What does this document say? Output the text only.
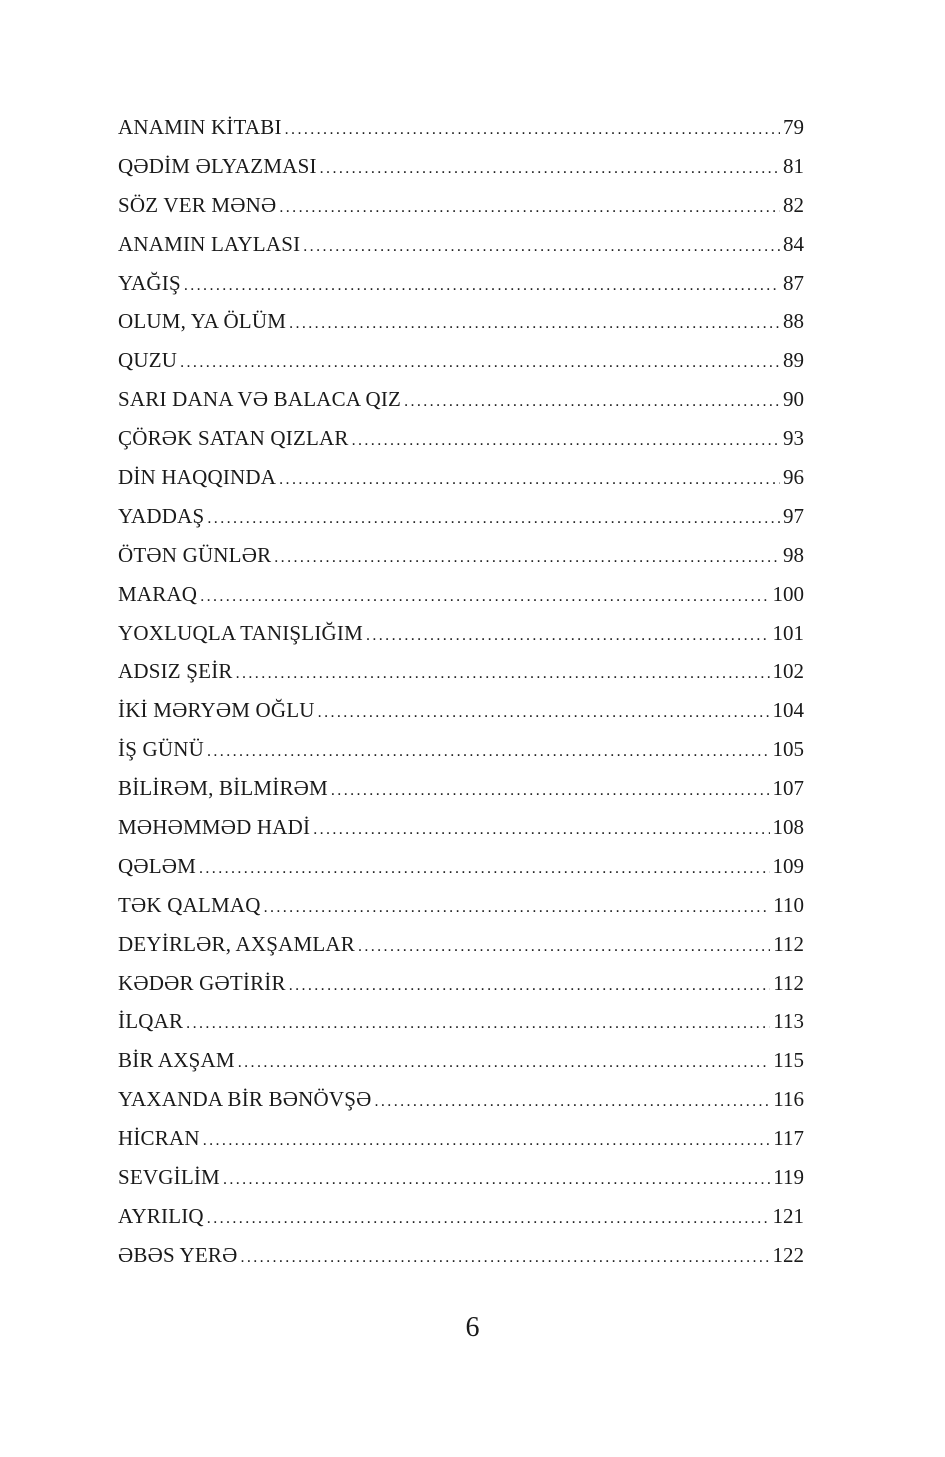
ANAMIN KİTABI .....	79
QƏDİM ƏLYAZMASI .....	81
SÖZ VER MƏNƏ .....	82
ANAMIN LAYLASI .....	84
YAĞIŞ .....	87
OLUM, YA ÖLÜM .....	88
QUZU .....	89
SARI DANA VƏ BALACA QIZ .....	90
ÇÖRƏK SATAN QIZLAR .....	93
DİN HAQQINDA .....	96
YADDAŞ .....	97
ÖTƏN GÜNLƏR .....	98
MARAQ .....	100
YOXLUQLA TANIŞLIĞIM .....	101
ADSIZ ŞEİR .....	102
İKİ MƏRYƏM OĞLU .....	104
İŞ GÜNÜ .....	105
BİLİRƏM, BİLMİRƏM .....	107
MƏHƏMMƏD HADİ .....	108
QƏLƏM .....	109
TƏK QALMAQ .....	110
DEYİRLƏR, AXŞAMLAR .....	112
KƏDƏR GƏTİRİR .....	112
İLQAR .....	113
BİR AXŞAM .....	115
YAXANDA BİR BƏNÖVŞƏ .....	116
HİCRAN .....	117
SEVGİLİM .....	119
AYRILIQ .....	121
ƏBƏS YERƏ .....	122
6
